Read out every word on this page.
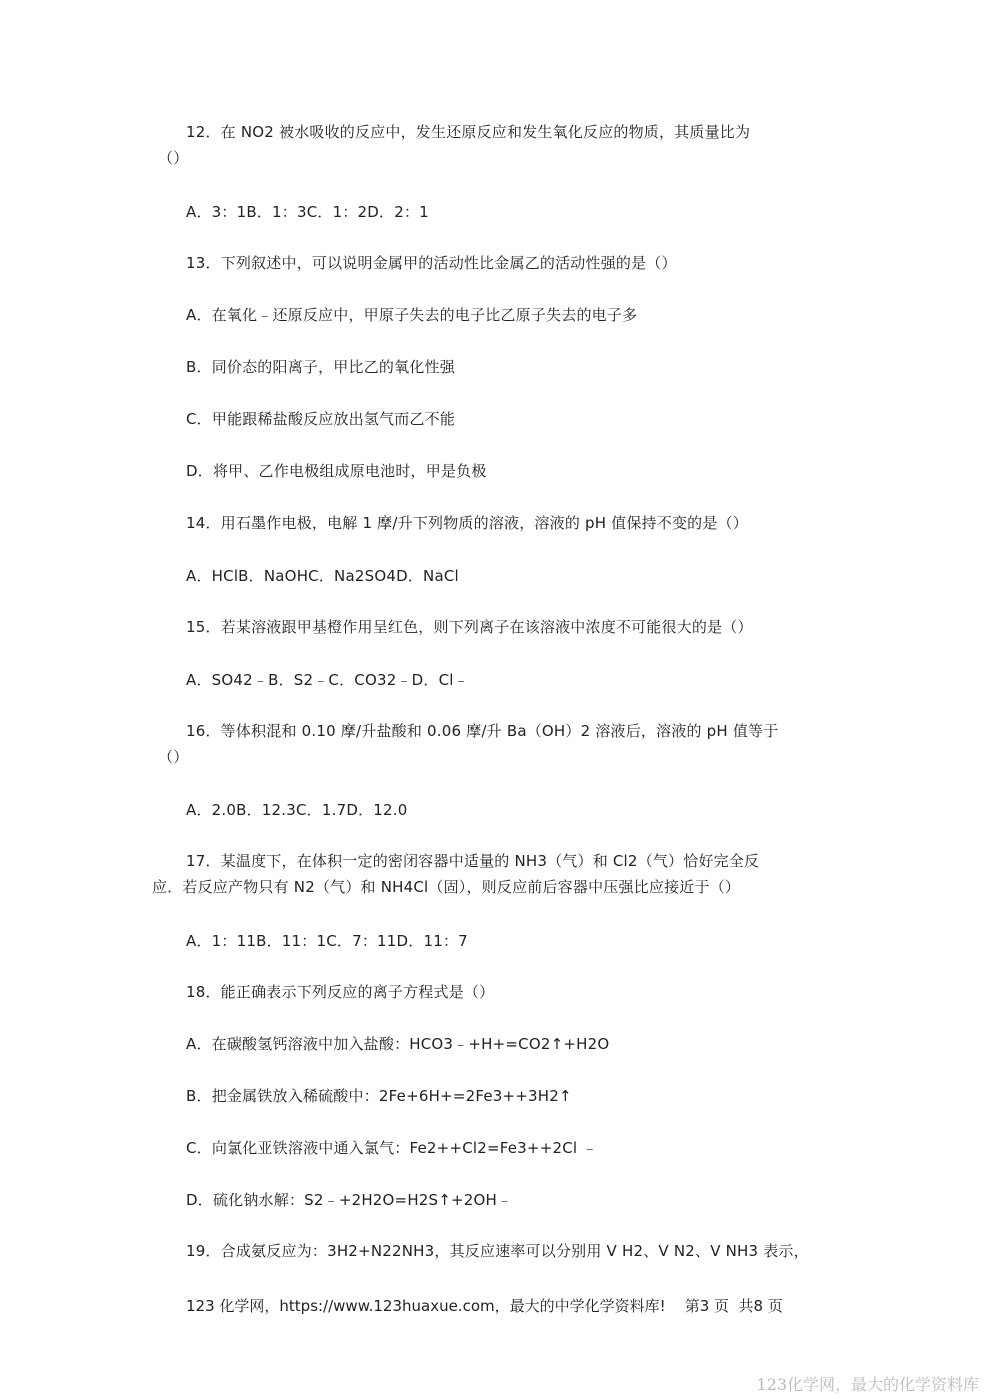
12．在 NO2 被水吸收的反应中，发生还原反应和发生氧化反应的物质，其质量比为
（）
A．3：1B．1：3C．1：2D．2：1
13．下列叙述中，可以说明金属甲的活动性比金属乙的活动性强的是（）
A．在氧化﹣还原反应中，甲原子失去的电子比乙原子失去的电子多
B．同价态的阳离子，甲比乙的氧化性强
C．甲能跟稀盐酸反应放出氢气而乙不能
D．将甲、乙作电极组成原电池时，甲是负极
14．用石墨作电极，电解 1 摩/升下列物质的溶液，溶液的 pH 值保持不变的是（）
A．HClB．NaOHC．Na2SO4D．NaCl
15．若某溶液跟甲基橙作用呈红色，则下列离子在该溶液中浓度不可能很大的是（）
A．SO42﹣B．S2﹣C．CO32﹣D．Cl﹣
16．等体积混和 0.10 摩/升盐酸和 0.06 摩/升 Ba（OH）2 溶液后，溶液的 pH 值等于
（）
A．2.0B．12.3C．1.7D．12.0
17．某温度下，在体积一定的密闭容器中适量的 NH3（气）和 Cl2（气）恰好完全反
应．若反应产物只有 N2（气）和 NH4Cl（固），则反应前后容器中压强比应接近于（）
A．1：11B．11：1C．7：11D．11：7
18．能正确表示下列反应的离子方程式是（）
A．在碳酸氢钙溶液中加入盐酸：HCO3﹣+H+=CO2↑+H2O
B．把金属铁放入稀硫酸中：2Fe+6H+=2Fe3++3H2↑
C．向氯化亚铁溶液中通入氯气：Fe2++Cl2=Fe3++2Cl ﹣
D．硫化钠水解：S2﹣+2H2O=H2S↑+2OH﹣
19．合成氨反应为：3H2+N22NH3，其反应速率可以分别用 V H2、V N2、V NH3 表示，
123 化学网，https://www.123huaxue.com，最大的中学化学资料库!    第3 页  共8 页
123化学网，最大的化学资料库
